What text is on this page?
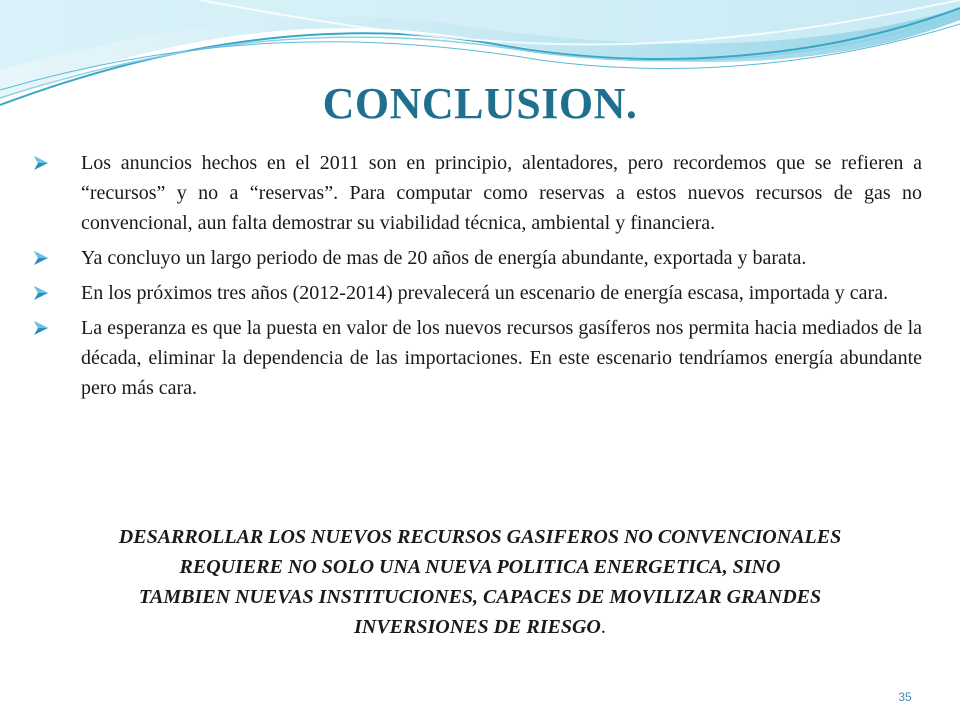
CONCLUSION.
Los anuncios hechos en el 2011 son en principio, alentadores, pero recordemos que se refieren a “recursos” y no a “reservas”. Para computar como reservas a estos nuevos recursos de gas no convencional, aun falta demostrar su viabilidad técnica, ambiental y financiera.
Ya concluyo un largo periodo de mas de 20 años de energía abundante, exportada y barata.
En los próximos tres años (2012-2014) prevalecerá un escenario de energía escasa, importada y cara.
La esperanza es que la puesta en valor de los nuevos recursos gasíferos nos permita hacia mediados de la década, eliminar la dependencia de las importaciones. En este escenario tendríamos energía abundante pero más cara.

DESARROLLAR LOS NUEVOS RECURSOS GASIFEROS NO CONVENCIONALES
REQUIERE NO SOLO UNA NUEVA POLITICA ENERGETICA, SINO
TAMBIEN NUEVAS INSTITUCIONES, CAPACES DE MOVILIZAR GRANDES
INVERSIONES DE RIESGO.

35
